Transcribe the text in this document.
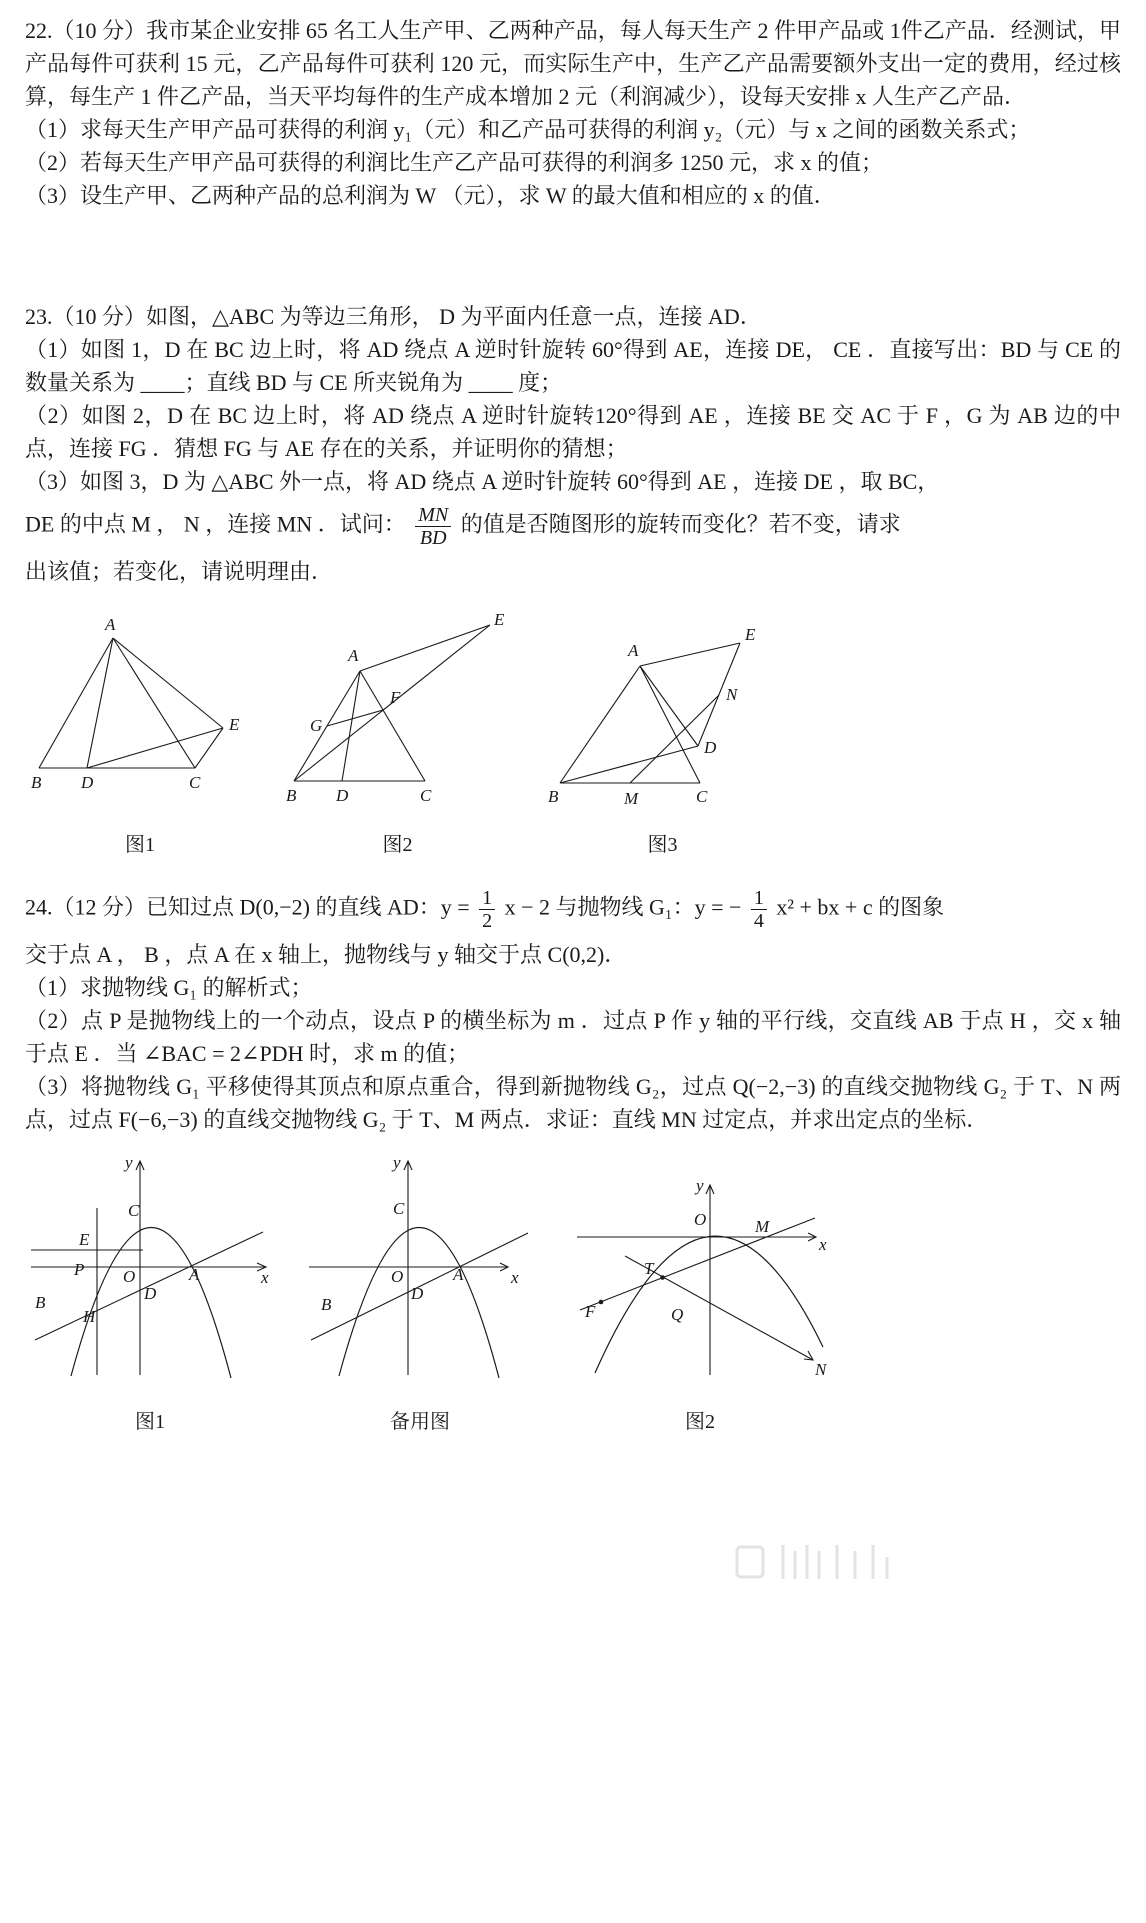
22.（10 分）我市某企业安排 65 名工人生产甲、乙两种产品，每人每天生产 2 件甲产品或 1件乙产品．经测试，甲产品每件可获利 15 元，乙产品每件可获利 120 元，而实际生产中，生产乙产品需要额外支出一定的费用，经过核算，每生产 1 件乙产品，当天平均每件的生产成本增加 2 元（利润减少），设每天安排 x 人生产乙产品．

（1）求每天生产甲产品可获得的利润 y₁（元）和乙产品可获得的利润 y₂（元）与 x 之间的函数关系式；

（2）若每天生产甲产品可获得的利润比生产乙产品可获得的利润多 1250 元，求 x 的值；

（3）设生产甲、乙两种产品的总利润为 W （元），求 W 的最大值和相应的 x 的值．

23.（10 分）如图，△ABC 为等边三角形， D 为平面内任意一点，连接 AD．

（1）如图 1，D 在 BC 边上时，将 AD 绕点 A 逆时针旋转 60°得到 AE，连接 DE， CE ．直接写出：BD 与 CE 的数量关系为 ____；直线 BD 与 CE 所夹锐角为 ____ 度；

（2）如图 2，D 在 BC 边上时，将 AD 绕点 A 逆时针旋转120°得到 AE ，连接 BE 交 AC 于 F ，G 为 AB 边的中点，连接 FG ．猜想 FG 与 AE 存在的关系，并证明你的猜想；

（3）如图 3，D 为 △ABC 外一点，将 AD 绕点 A 逆时针旋转 60°得到 AE ，连接 DE ，取 BC，

DE 的中点 M ， N ，连接 MN ．试问： $\frac{MN}{BD}$ 的值是否随图形的旋转而变化？若不变，请求

出该值；若变化，请说明理由．

A
B D	C
E
图1
A
E
G
F
B D	C
图2
A
E
N
D
B	M	C
图3

24.（12 分）已知过点 D(0,−2) 的直线 AD：$y = \frac{1}{2}$ x − 2 与抛物线 G₁：y = − $\frac{1}{4} x^2$ + bx + c 的图象

交于点 A ， B ，点 A 在 x 轴上，抛物线与 y 轴交于点 C(0,2)．

（1）求抛物线 G₁ 的解析式；

（2）点 P 是抛物线上的一个动点，设点 P 的横坐标为 m ．过点 P 作 y 轴的平行线，交直线 AB 于点 H ，交 x 轴于点 E ．当 ∠BAC = 2∠PDH 时，求 m 的值；

（3）将抛物线 G₁ 平移使得其顶点和原点重合，得到新抛物线 G₂，过点 Q(−2,−3) 的直线交抛物线 G₂ 于 T、N 两点，过点 F(−6,−3) 的直线交抛物线 G₂ 于 T、M 两点．求证：直线 MN 过定点，并求出定点的坐标．

y
x
C
E
P O	A
D
B
H
图1
y
x
C
O	A
D
B
备用图
y
x
O	M
T
F	Q
N
图2
